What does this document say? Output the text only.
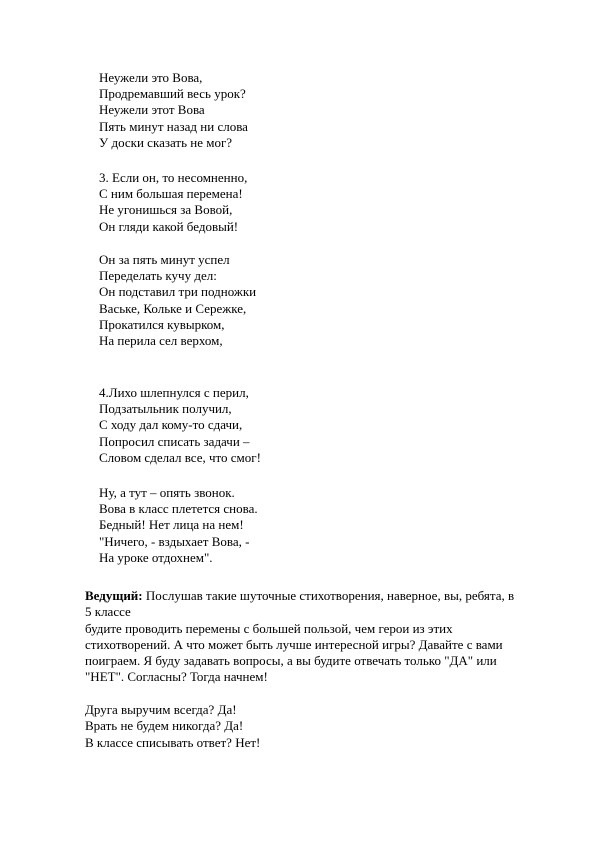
Неужели это Вова,
Продремавший весь урок?
Неужели этот Вова
Пять минут назад ни слова
У доски сказать не мог?
3. Если он, то несомненно,
С ним большая перемена!
Не угонишься за Вовой,
Он гляди какой бедовый!
Он за пять минут успел
Переделать кучу дел:
Он подставил три подножки
Ваське, Кольке и Сережке,
Прокатился кувырком,
На перила сел верхом,
4.Лихо шлепнулся с перил,
Подзатыльник получил,
С ходу дал кому-то сдачи,
Попросил списать задачи –
Словом сделал все, что смог!
Ну, а тут – опять звонок.
Вова в класс плетется снова.
Бедный! Нет лица на нем!
"Ничего, - вздыхает Вова, -
На уроке отдохнем".
Ведущий: Послушав такие шуточные стихотворения, наверное, вы, ребята, в
5 классе
будите проводить перемены с большей пользой, чем герои из этих
стихотворений. А что может быть лучше интересной игры? Давайте с вами
поиграем. Я буду задавать вопросы, а вы будите отвечать только "ДА" или
"НЕТ". Согласны? Тогда начнем!
Друга выручим всегда? Да!
Врать не будем никогда? Да!
В классе списывать ответ? Нет!
